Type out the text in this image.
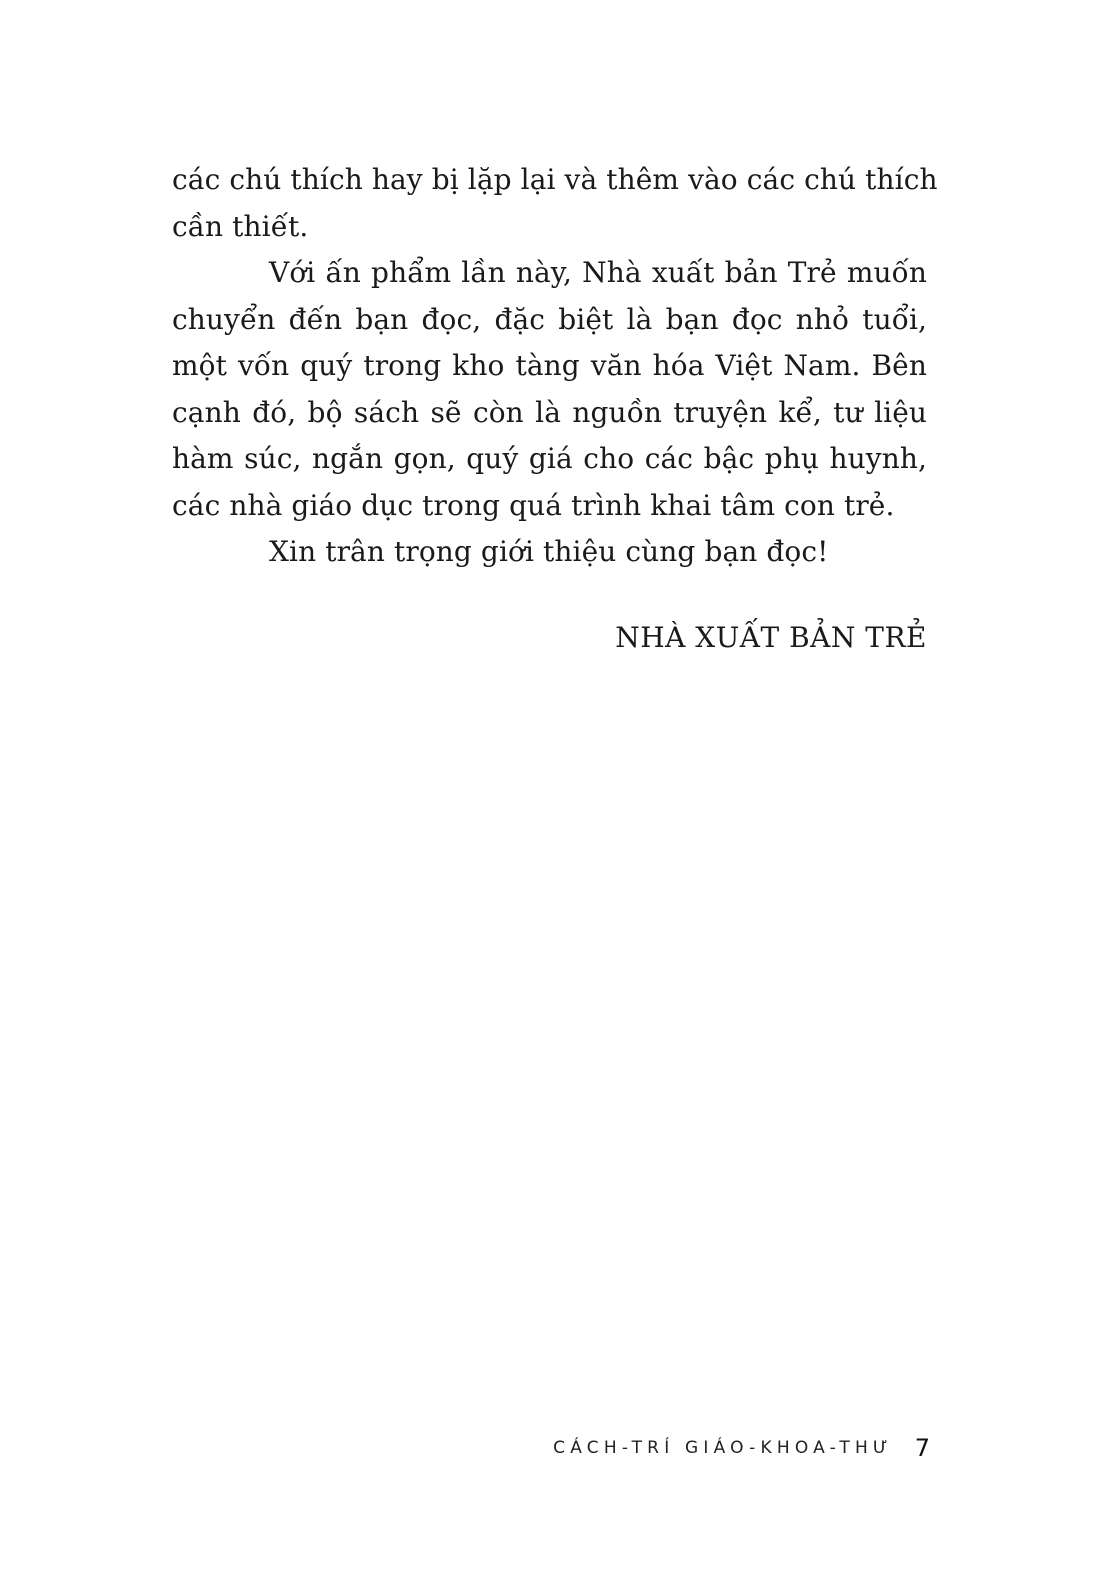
các chú thích hay bị lặp lại và thêm vào các chú thích
cần thiết.
Với ấn phẩm lần này, Nhà xuất bản Trẻ muốn
chuyển đến bạn đọc, đặc biệt là bạn đọc nhỏ tuổi,
một vốn quý trong kho tàng văn hóa Việt Nam. Bên
cạnh đó, bộ sách sẽ còn là nguồn truyện kể, tư liệu
hàm súc, ngắn gọn, quý giá cho các bậc phụ huynh,
các nhà giáo dục trong quá trình khai tâm con trẻ.
Xin trân trọng giới thiệu cùng bạn đọc!
NHÀ XUẤT BẢN TRẺ
CÁCH-TRÍ GIÁO-KHOA-THƯ 7
